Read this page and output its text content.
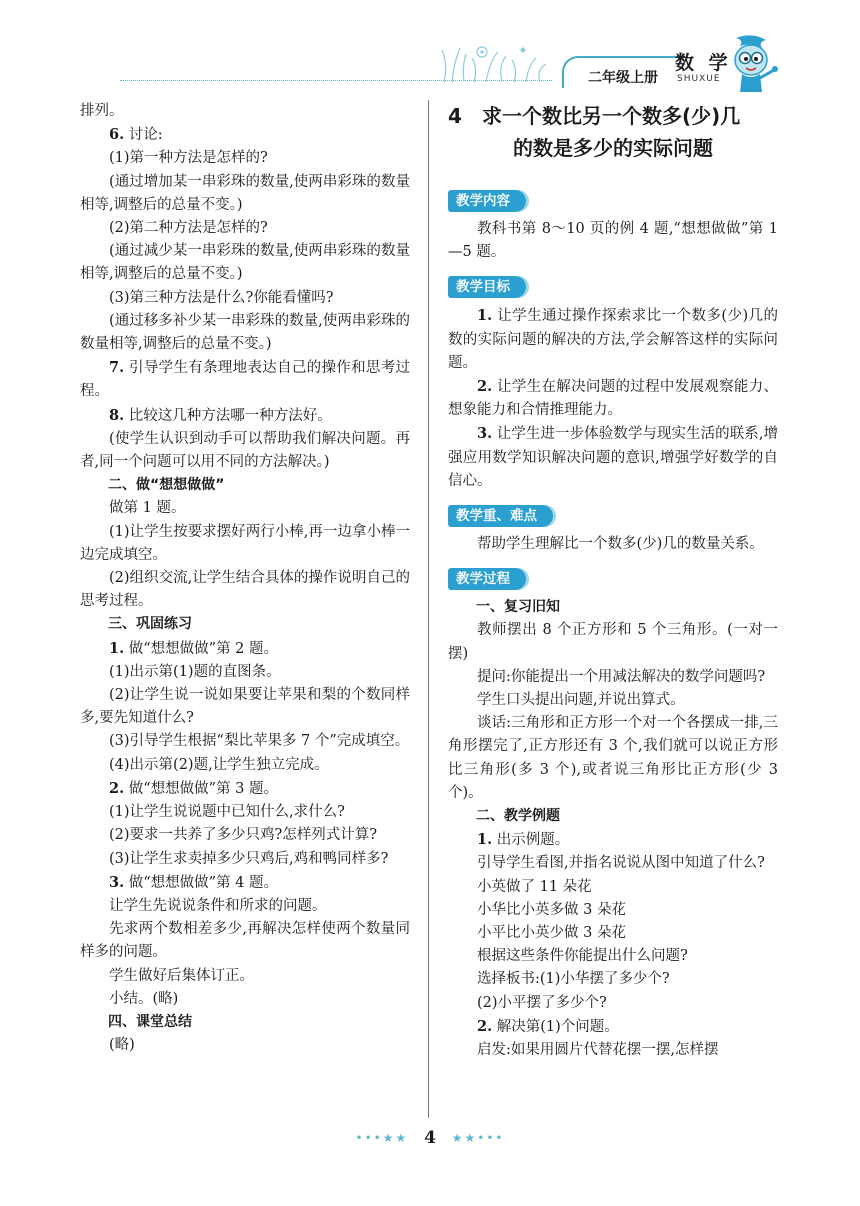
二年级上册
数 学
SHUXUE

排列。

6. 讨论:

(1)第一种方法是怎样的?

(通过增加某一串彩珠的数量,使两串彩珠的数量相等,调整后的总量不变。)

(2)第二种方法是怎样的?

(通过减少某一串彩珠的数量,使两串彩珠的数量相等,调整后的总量不变。)

(3)第三种方法是什么?你能看懂吗?

(通过移多补少某一串彩珠的数量,使两串彩珠的数量相等,调整后的总量不变。)

7. 引导学生有条理地表达自己的操作和思考过程。

8. 比较这几种方法哪一种方法好。

(使学生认识到动手可以帮助我们解决问题。再者,同一个问题可以用不同的方法解决。)

二、做“想想做做”

做第 1 题。

(1)让学生按要求摆好两行小棒,再一边拿小棒一边完成填空。

(2)组织交流,让学生结合具体的操作说明自己的思考过程。

三、巩固练习

1. 做“想想做做”第 2 题。

(1)出示第(1)题的直图条。

(2)让学生说一说如果要让苹果和梨的个数同样多,要先知道什么?

(3)引导学生根据“梨比苹果多 7 个”完成填空。

(4)出示第(2)题,让学生独立完成。

2. 做“想想做做”第 3 题。

(1)让学生说说题中已知什么,求什么?

(2)要求一共养了多少只鸡?怎样列式计算?

(3)让学生求卖掉多少只鸡后,鸡和鸭同样多?

3. 做“想想做做”第 4 题。

让学生先说说条件和所求的问题。

先求两个数相差多少,再解决怎样使两个数量同样多的问题。

学生做好后集体订正。

小结。(略)

四、课堂总结

(略)

4 求一个数比另一个数多(少)几
的数是多少的实际问题
教学内容

教科书第 8～10 页的例 4 题,“想想做做”第 1—5 题。

教学目标

1. 让学生通过操作探索求比一个数多(少)几的数的实际问题的解决的方法,学会解答这样的实际问题。

2. 让学生在解决问题的过程中发展观察能力、想象能力和合情推理能力。

3. 让学生进一步体验数学与现实生活的联系,增强应用数学知识解决问题的意识,增强学好数学的自信心。

教学重、难点

帮助学生理解比一个数多(少)几的数量关系。

教学过程

一、复习旧知

教师摆出 8 个正方形和 5 个三角形。(一对一摆)

提问:你能提出一个用减法解决的数学问题吗?

学生口头提出问题,并说出算式。

谈话:三角形和正方形一个对一个各摆成一排,三角形摆完了,正方形还有 3 个,我们就可以说正方形比三角形(多 3 个),或者说三角形比正方形(少 3 个)。

二、教学例题

1. 出示例题。

引导学生看图,并指名说说从图中知道了什么?

小英做了 11 朵花

小华比小英多做 3 朵花

小平比小英少做 3 朵花

根据这些条件你能提出什么问题?

选择板书:(1)小华摆了多少个?

(2)小平摆了多少个?

2. 解决第(1)个问题。

启发:如果用圆片代替花摆一摆,怎样摆

•••★★ 4 ★★•••
